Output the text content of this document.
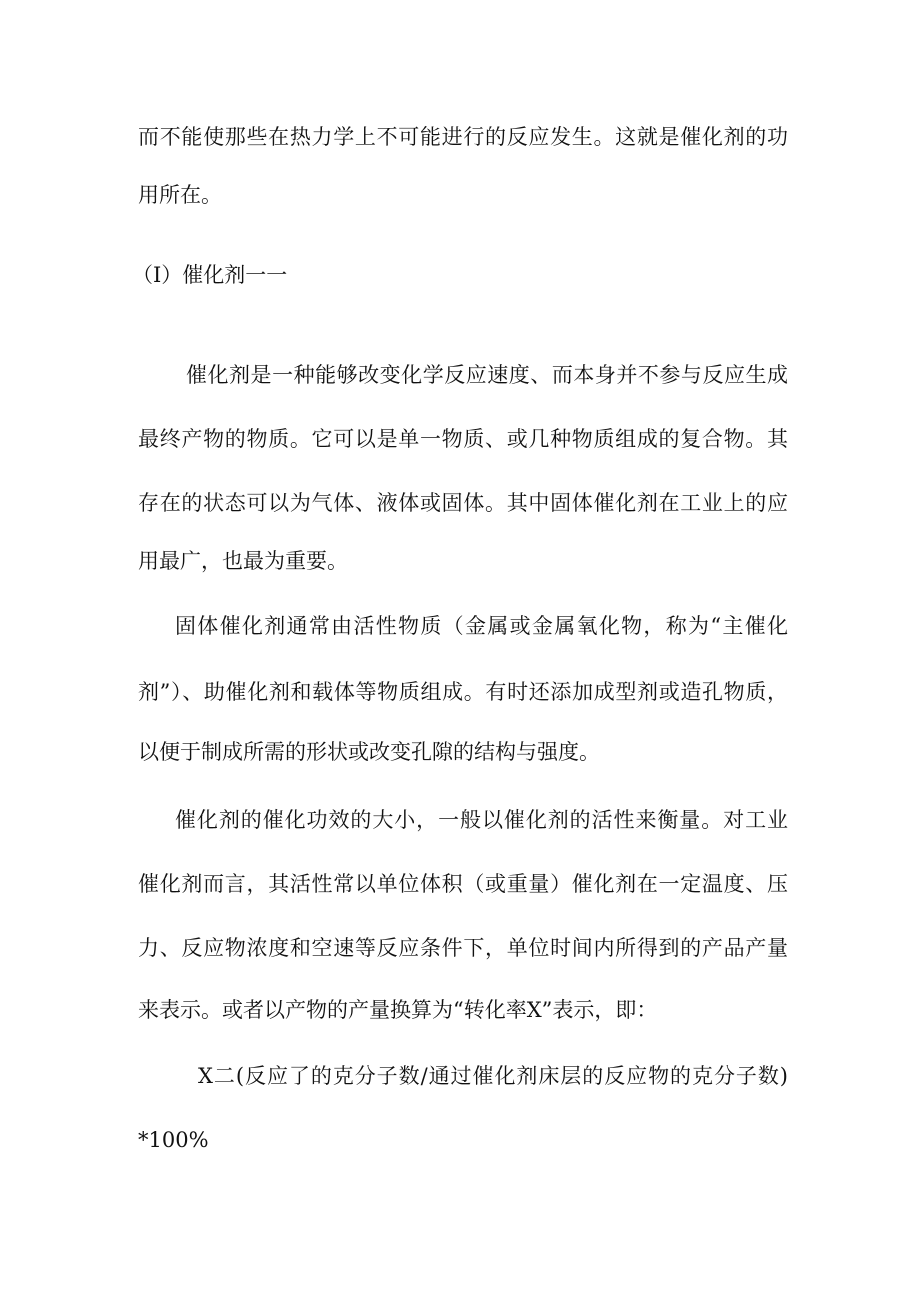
而不能使那些在热力学上不可能进行的反应发生。这就是催化剂的功

用所在。

（I）催化剂一一

催化剂是一种能够改变化学反应速度、而本身并不参与反应生成

最终产物的物质。它可以是单一物质、或几种物质组成的复合物。其

存在的状态可以为气体、液体或固体。其中固体催化剂在工业上的应

用最广，也最为重要。

固体催化剂通常由活性物质（金属或金属氧化物，称为“主催化

剂”）、助催化剂和载体等物质组成。有时还添加成型剂或造孔物质，

以便于制成所需的形状或改变孔隙的结构与强度。

催化剂的催化功效的大小，一般以催化剂的活性来衡量。对工业

催化剂而言，其活性常以单位体积（或重量）催化剂在一定温度、压

力、反应物浓度和空速等反应条件下，单位时间内所得到的产品产量

来表示。或者以产物的产量换算为“转化率X”表示，即：

X二(反应了的克分子数/通过催化剂床层的反应物的克分子数)

*100%
